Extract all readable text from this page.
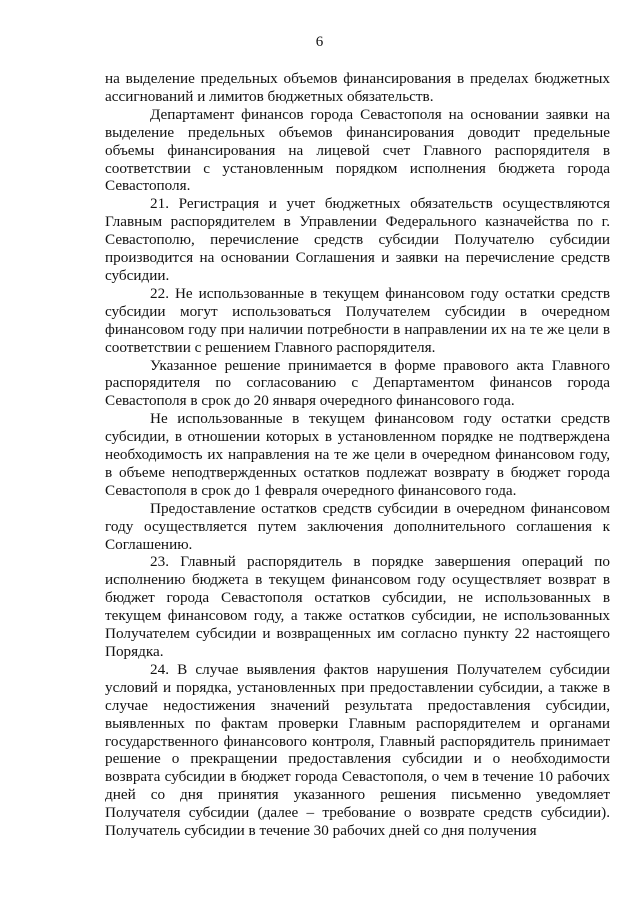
6

на выделение предельных объемов финансирования в пределах бюджетных ассигнований и лимитов бюджетных обязательств.

Департамент финансов города Севастополя на основании заявки на выделение предельных объемов финансирования доводит предельные объемы финансирования на лицевой счет Главного распорядителя в соответствии с установленным порядком исполнения бюджета города Севастополя.

21. Регистрация и учет бюджетных обязательств осуществляются Главным распорядителем в Управлении Федерального казначейства по г. Севастополю, перечисление средств субсидии Получателю субсидии производится на основании Соглашения и заявки на перечисление средств субсидии.

22. Не использованные в текущем финансовом году остатки средств субсидии могут использоваться Получателем субсидии в очередном финансовом году при наличии потребности в направлении их на те же цели в соответствии с решением Главного распорядителя.

Указанное решение принимается в форме правового акта Главного распорядителя по согласованию с Департаментом финансов города Севастополя в срок до 20 января очередного финансового года.

Не использованные в текущем финансовом году остатки средств субсидии, в отношении которых в установленном порядке не подтверждена необходимость их направления на те же цели в очередном финансовом году, в объеме неподтвержденных остатков подлежат возврату в бюджет города Севастополя в срок до 1 февраля очередного финансового года.

Предоставление остатков средств субсидии в очередном финансовом году осуществляется путем заключения дополнительного соглашения к Соглашению.

23. Главный распорядитель в порядке завершения операций по исполнению бюджета в текущем финансовом году осуществляет возврат в бюджет города Севастополя остатков субсидии, не использованных в текущем финансовом году, а также остатков субсидии, не использованных Получателем субсидии и возвращенных им согласно пункту 22 настоящего Порядка.

24. В случае выявления фактов нарушения Получателем субсидии условий и порядка, установленных при предоставлении субсидии, а также в случае недостижения значений результата предоставления субсидии, выявленных по фактам проверки Главным распорядителем и органами государственного финансового контроля, Главный распорядитель принимает решение о прекращении предоставления субсидии и о необходимости возврата субсидии в бюджет города Севастополя, о чем в течение 10 рабочих дней со дня принятия указанного решения письменно уведомляет Получателя субсидии (далее – требование о возврате средств субсидии). Получатель субсидии в течение 30 рабочих дней со дня получения
